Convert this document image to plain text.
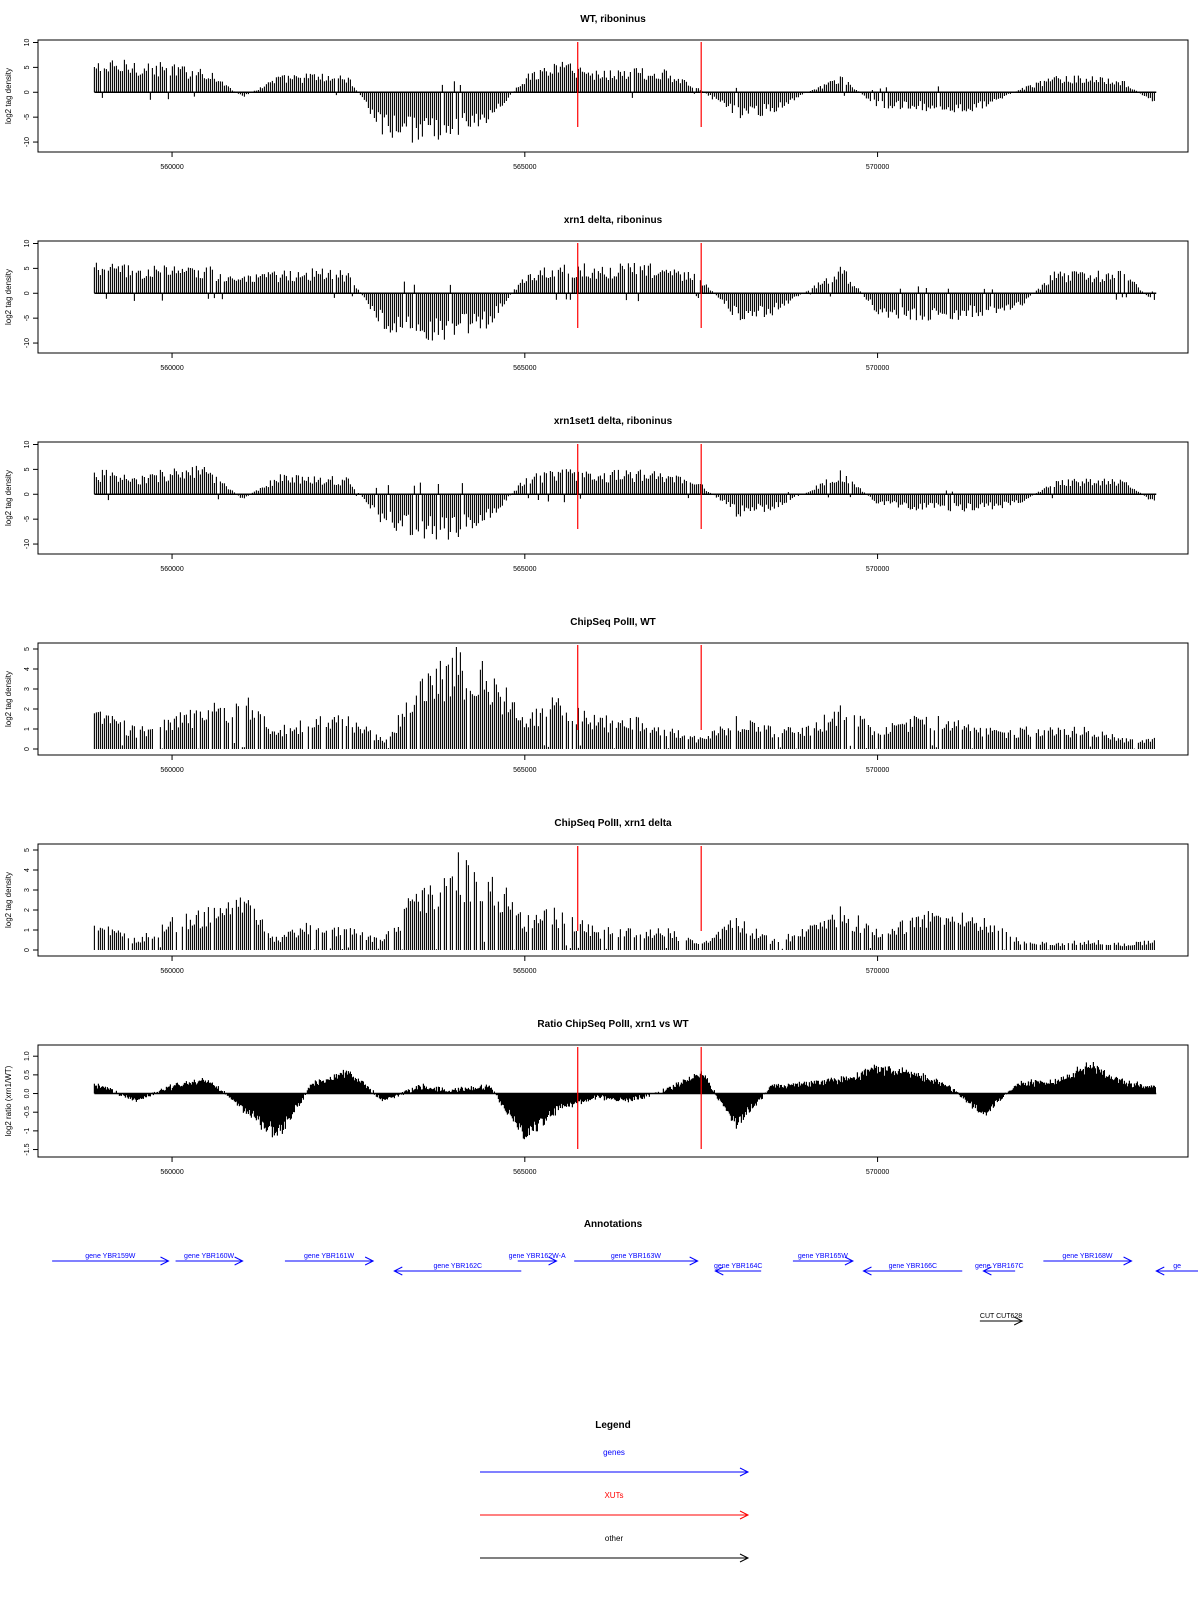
WT, riboninus
log2 tag density
10
5
0
-5
-10
560000	565000	570000
xrn1 delta, riboninus
log2 tag density
10
5
0
-5
-10
560000	565000	570000
xrn1set1 delta, riboninus
log2 tag density
10
5
0
-5
-10
560000	565000	570000
ChipSeq PolII, WT
log2 tag density
0
1
2
3
4
5
560000	565000	570000
ChipSeq PolII, xrn1 delta
log2 tag density
0
1
2
3
4
5
560000	565000	570000
Ratio ChipSeq PolII, xrn1 vs WT
log2 ratio (xrn1/WT)
1.0
0.5
0.0
-0.5
-1
-1.5
560000	565000	570000
Annotations
gene YBR159W	gene YBR160W	gene YBR161W
gene YBR162C
gene YBR162W-A	gene YBR163W
gene YBR164C
gene YBR165W
gene YBR166C	gene YBR167C
gene YBR168W
ge
CUT CUT628
Legend
genes
XUTs
other
